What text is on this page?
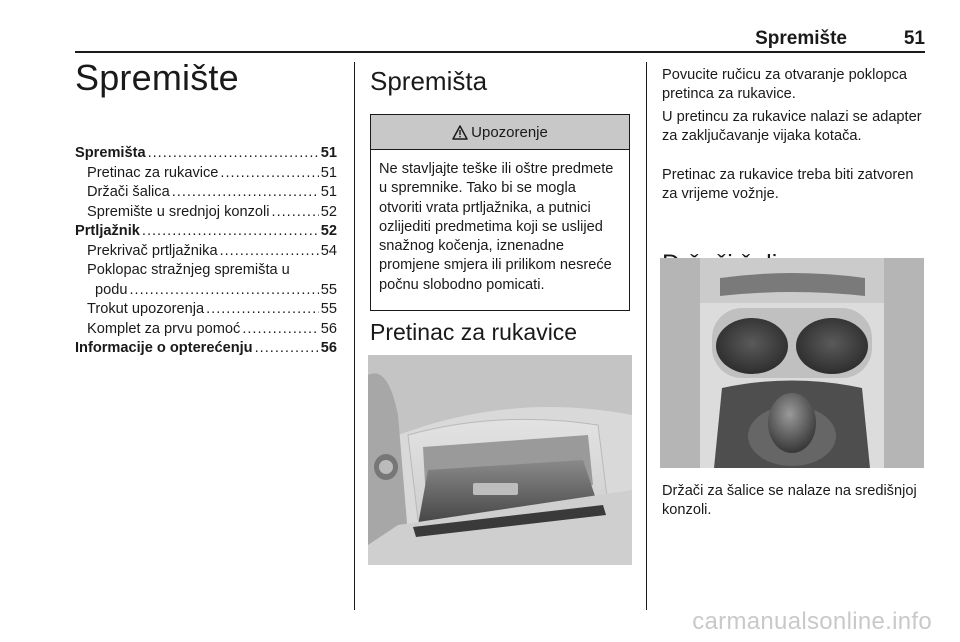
Spremište	51
Spremište
Spremišta .....	51
Pretinac za rukavice .....	51
Držači šalica .....	51
Spremište u srednjoj konzoli .....	52
Prtljažnik .....	52
Prekrivač prtljažnika .....	54
Poklopac stražnjeg spremišta u
podu .....	55
Trokut upozorenja .....	55
Komplet za prvu pomoć .....	56
Informacije o opterećenju .....	56
Spremišta
Upozorenje
Ne stavljajte teške ili oštre predmete u spremnike. Tako bi se mogla otvoriti vrata prtljažnika, a putnici ozlijediti predmetima koji se uslijed snažnog kočenja, iznenadne promjene smjera ili prilikom nesreće počnu slobodno pomicati.
Pretinac za rukavice

Povucite ručicu za otvaranje poklopca pretinca za rukavice.

U pretincu za rukavice nalazi se adapter za zaključavanje vijaka kotača.

Pretinac za rukavice treba biti zatvoren za vrijeme vožnje.

Držači za šalice se nalaze na središnjoj konzoli.

carmanualsonline.info
